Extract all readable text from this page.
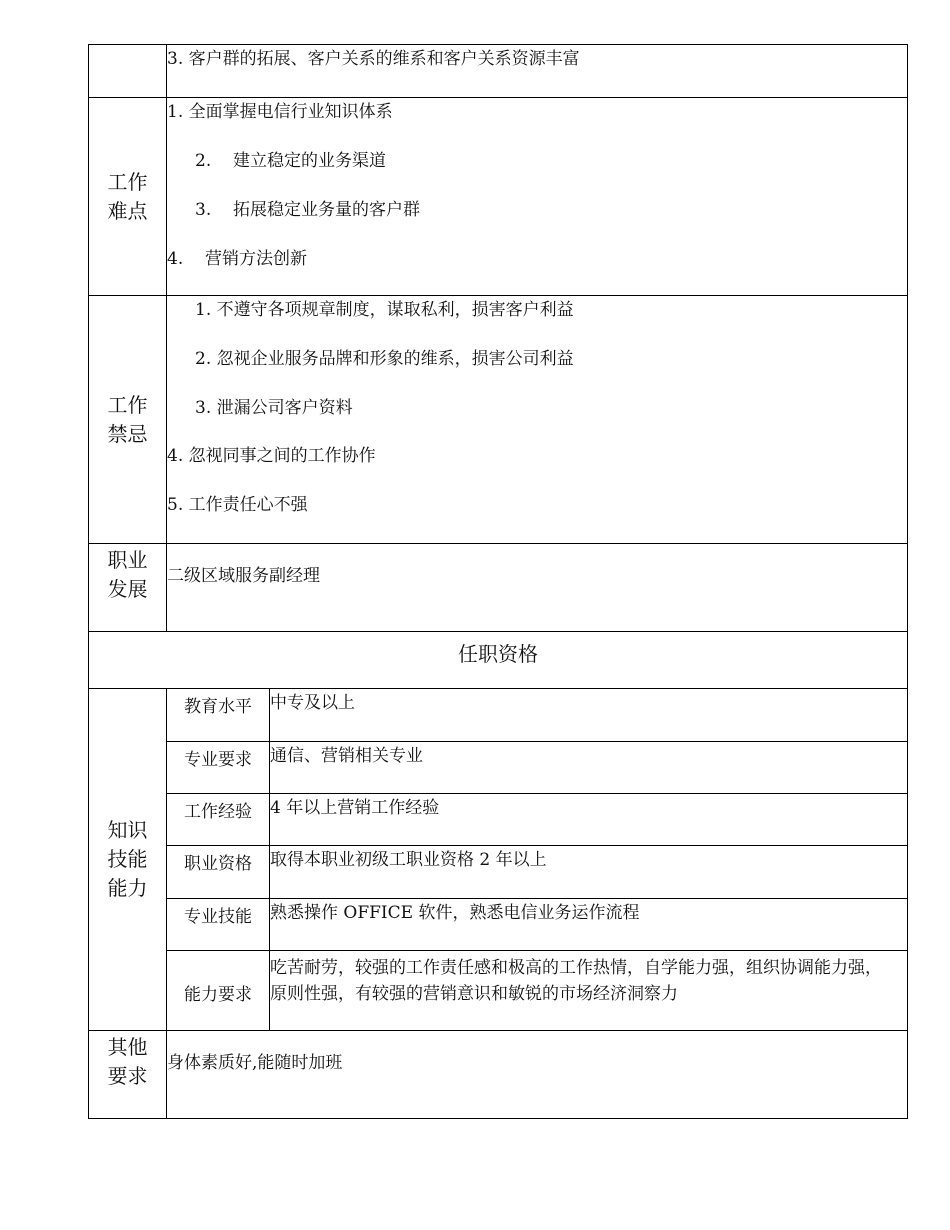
	3. 客户群的拓展、客户关系的维系和客户关系资源丰富	

工作
难点	1. 全面掌握电信行业知识体系
2. 建立稳定的业务渠道
3. 拓展稳定业务量的客户群
4. 营销方法创新	

工作
禁忌	1. 不遵守各项规章制度，谋取私利，损害客户利益
2. 忽视企业服务品牌和形象的维系，损害公司利益
3. 泄漏公司客户资料
4. 忽视同事之间的工作协作
5. 工作责任心不强	

职业
发展	二级区域服务副经理	

任职资格		

知识
技能
能力	教育水平	中专及以上
	专业要求	通信、营销相关专业
	工作经验	4 年以上营销工作经验
	职业资格	取得本职业初级工职业资格 2 年以上
	专业技能	熟悉操作 OFFICE 软件，熟悉电信业务运作流程
	能力要求	吃苦耐劳，较强的工作责任感和极高的工作热情，自学能力强，组织协调能力强，原则性强，有较强的营销意识和敏锐的市场经济洞察力

其他
要求	身体素质好,能随时加班	
